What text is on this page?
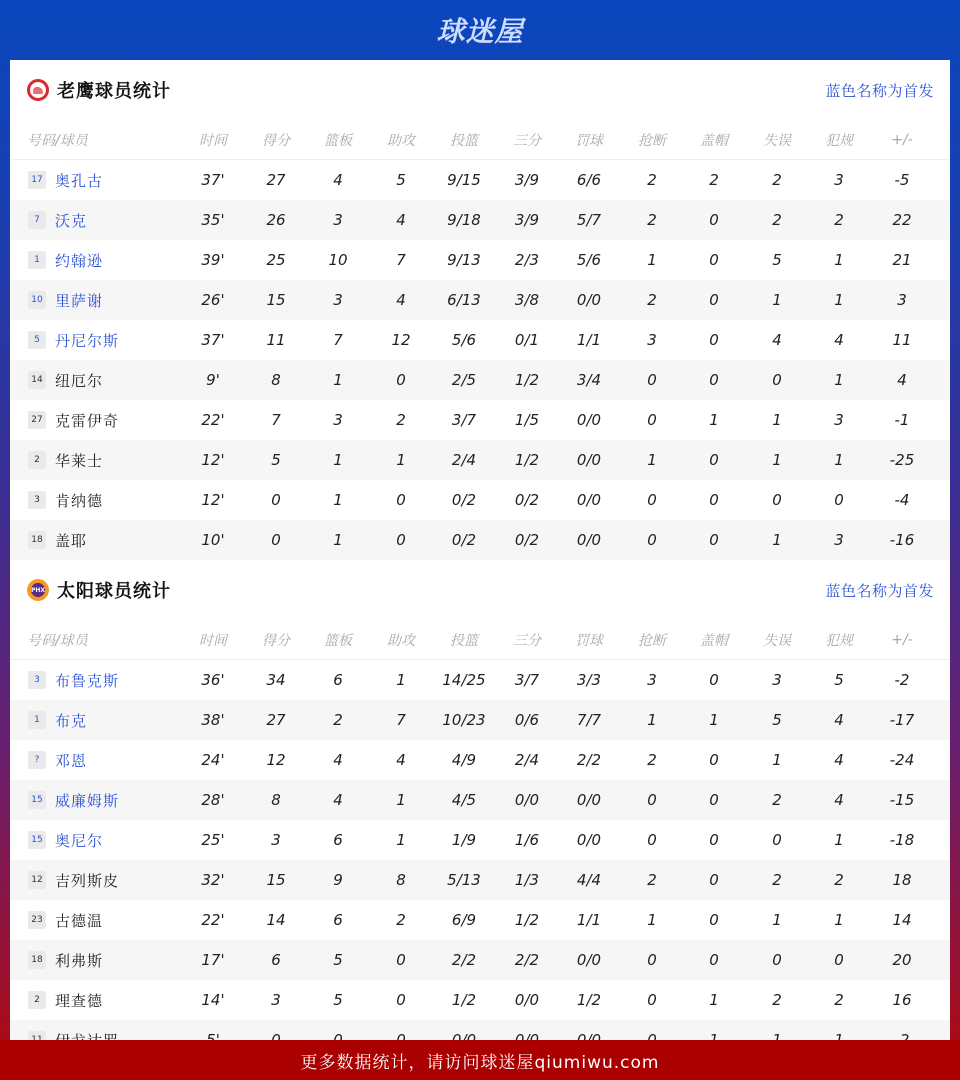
球迷屋
老鹰球员统计	蓝色名称为首发
号码/球员	时间	得分	篮板	助攻	投篮	三分	罚球	抢断	盖帽	失误	犯规	+/-
17 奥孔古	37'	27	4	5	9/15	3/9	6/6	2	2	2	3	-5
7	沃克	35'	26	3	4	9/18	3/9	5/7	2	0	2	2	22
1	约翰逊	39'	25	10	7	9/13	2/3	5/6	1	0	5	1	21
10 里萨谢	26'	15	3	4	6/13	3/8	0/0	2	0	1	1	3
5	丹尼尔斯	37'	11	7	12	5/6	0/1	1/1	3	0	4	4	11
14 纽厄尔	9'	8	1	0	2/5	1/2	3/4	0	0	0	1	4
27 克雷伊奇	22'	7	3	2	3/7	1/5	0/0	0	1	1	3	-1
2	华莱士	12'	5	1	1	2/4	1/2	0/0	1	0	1	1	-25
3	肯纳德	12'	0	1	0	0/2	0/2	0/0	0	0	0	0	-4
18 盖耶	10'	0	1	0	0/2	0/2	0/0	0	0	1	3	-16
PHX 太阳球员统计	蓝色名称为首发
号码/球员	时间	得分	篮板	助攻	投篮	三分	罚球	抢断	盖帽	失误	犯规	+/-
3	布鲁克斯	36'	34	6	1	14/25	3/7	3/3	3	0	3	5	-2
1	布克	38'	27	2	7	10/23	0/6	7/7	1	1	5	4	-17
?	邓恩	24'	12	4	4	4/9	2/4	2/2	2	0	1	4	-24
15 威廉姆斯	28'	8	4	1	4/5	0/0	0/0	0	0	2	4	-15
15 奥尼尔	25'	3	6	1	1/9	1/6	0/0	0	0	0	1	-18
12 吉列斯皮	32'	15	9	8	5/13	1/3	4/4	2	0	2	2	18
23 古德温	22'	14	6	2	6/9	1/2	1/1	1	0	1	1	14
18 利弗斯	17'	6	5	0	2/2	2/2	0/0	0	0	0	0	20
2	理查德	14'	3	5	0	1/2	0/0	1/2	0	1	2	2	16
更多数据统计，请访问球迷屋qiumiwu.com
